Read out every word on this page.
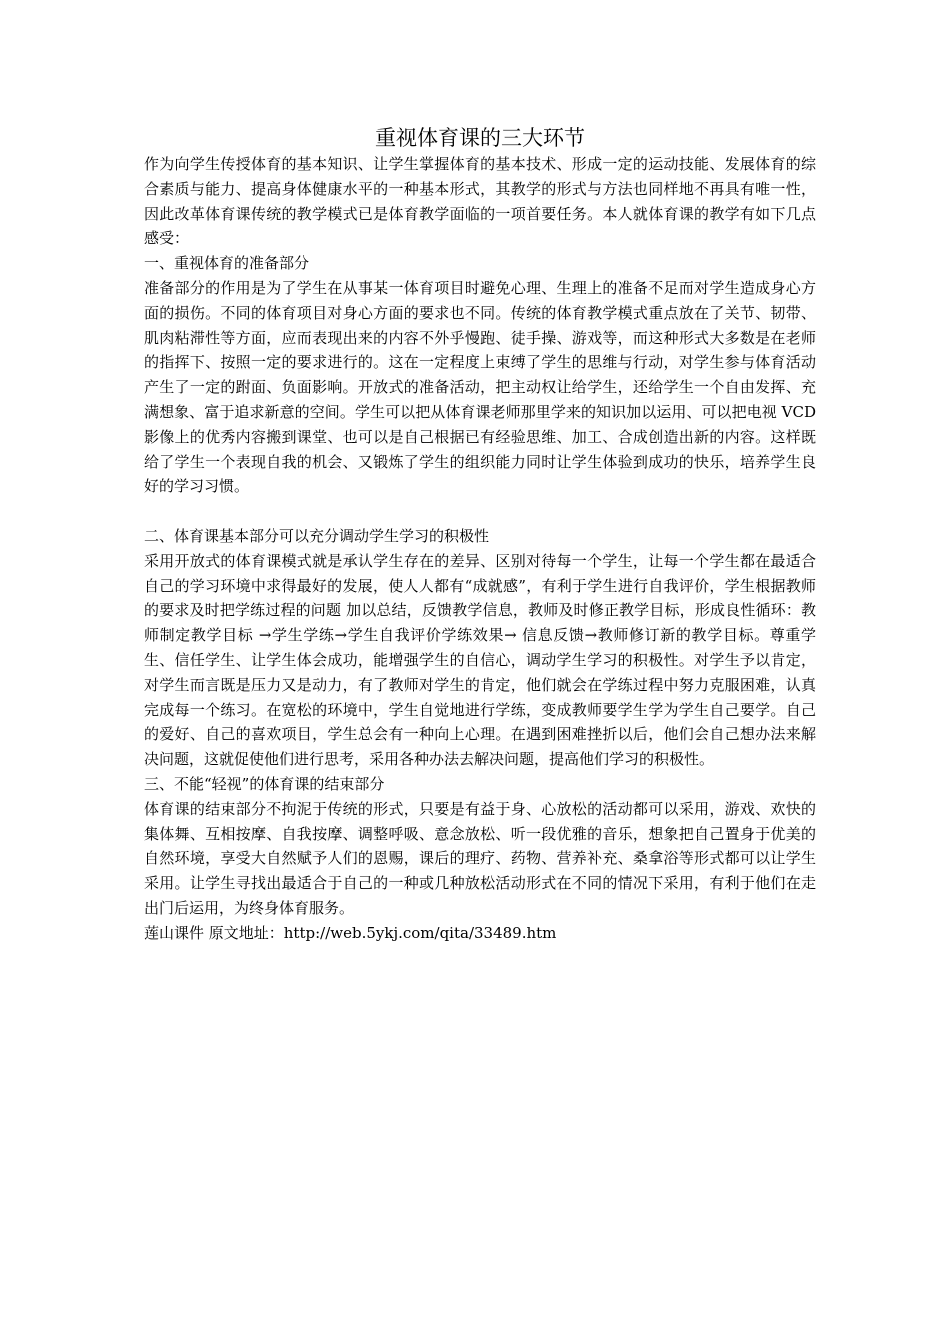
重视体育课的三大环节

作为向学生传授体育的基本知识、让学生掌握体育的基本技术、形成一定的运动技能、发展体育的综合素质与能力、提高身体健康水平的一种基本形式，其教学的形式与方法也同样地不再具有唯一性，因此改革体育课传统的教学模式已是体育教学面临的一项首要任务。本人就体育课的教学有如下几点感受：

一、重视体育的准备部分

准备部分的作用是为了学生在从事某一体育项目时避免心理、生理上的准备不足而对学生造成身心方面的损伤。不同的体育项目对身心方面的要求也不同。传统的体育教学模式重点放在了关节、韧带、肌肉粘滞性等方面，应而表现出来的内容不外乎慢跑、徒手操、游戏等，而这种形式大多数是在老师的指挥下、按照一定的要求进行的。这在一定程度上束缚了学生的思维与行动，对学生参与体育活动产生了一定的跗面、负面影响。开放式的准备活动，把主动权让给学生，还给学生一个自由发挥、充满想象、富于追求新意的空间。学生可以把从体育课老师那里学来的知识加以运用、可以把电视 VCD 影像上的优秀内容搬到课堂、也可以是自己根据已有经验思维、加工、合成创造出新的内容。这样既给了学生一个表现自我的机会、又锻炼了学生的组织能力同时让学生体验到成功的快乐，培养学生良好的学习习惯。

二、体育课基本部分可以充分调动学生学习的积极性

采用开放式的体育课模式就是承认学生存在的差异、区别对待每一个学生，让每一个学生都在最适合自己的学习环境中求得最好的发展，使人人都有“成就感”，有利于学生进行自我评价，学生根据教师的要求及时把学练过程的问题 加以总结，反馈教学信息，教师及时修正教学目标，形成良性循环：教师制定教学目标 →学生学练→学生自我评价学练效果→ 信息反馈→教师修订新的教学目标。尊重学生、信任学生、让学生体会成功，能增强学生的自信心，调动学生学习的积极性。对学生予以肯定，对学生而言既是压力又是动力，有了教师对学生的肯定，他们就会在学练过程中努力克服困难，认真完成每一个练习。在宽松的环境中，学生自觉地进行学练，变成教师要学生学为学生自己要学。自己的爱好、自己的喜欢项目，学生总会有一种向上心理。在遇到困难挫折以后，他们会自己想办法来解决问题，这就促使他们进行思考，采用各种办法去解决问题，提高他们学习的积极性。

三、不能“轻视”的体育课的结束部分

体育课的结束部分不拘泥于传统的形式，只要是有益于身、心放松的活动都可以采用，游戏、欢快的集体舞、互相按摩、自我按摩、调整呼吸、意念放松、听一段优雅的音乐，想象把自己置身于优美的自然环境，享受大自然赋予人们的恩赐，课后的理疗、药物、营养补充、桑拿浴等形式都可以让学生采用。让学生寻找出最适合于自己的一种或几种放松活动形式在不同的情况下采用，有利于他们在走出门后运用，为终身体育服务。

莲山课件 原文地址：http://web.5ykj.com/qita/33489.htm
